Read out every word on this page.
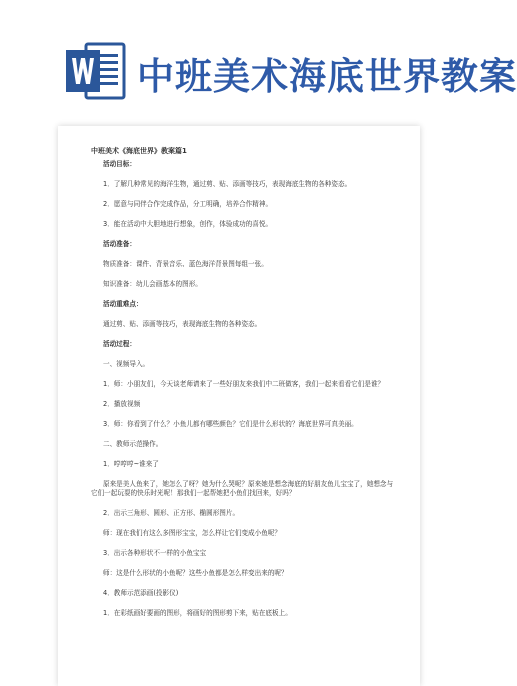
中班美术海底世界教案
中班美术《海底世界》教案篇1

活动目标：

1．了解几种常见的海洋生物，通过剪、贴、添画等技巧，表现海底生物的各种姿态。

2．愿意与同伴合作完成作品，分工明确，培养合作精神。

3．能在活动中大胆地进行想象，创作，体验成功的喜悦。

活动准备：

物质准备：课件、背景音乐、蓝色海洋背景图每组一张。

知识准备：幼儿会画基本的图形。

活动重难点：

通过剪、贴、添画等技巧，表现海底生物的各种姿态。

活动过程：

一、视频导入。

1．师：小朋友们，今天谈老师请来了一些好朋友来我们中二班做客，我们一起来看看它们是谁？

2．播放视频

3．师：你看到了什么？小鱼儿都有哪些颜色？它们是什么形状的？海底世界可真美丽。

二、教师示范操作。

1．哼哼哼~谁来了

原来是美人鱼来了，她怎么了呀？她为什么哭呢？原来她是想念海底的好朋友鱼儿宝宝了，她想念与它们一起玩耍的快乐时光呢！那我们一起帮她把小鱼们找回来，好吗？

2．出示三角形、圆形、正方形、椭圆形图片。

师：现在我们有这么多图形宝宝，怎么样让它们变成小鱼呢？

3．出示各种形状不一样的小鱼宝宝

师：这是什么形状的小鱼呢？这些小鱼都是怎么样变出来的呢？

4．教师示范添画(投影仪)

1．在彩纸画好要画的图形，将画好的图形剪下来，贴在底板上。
